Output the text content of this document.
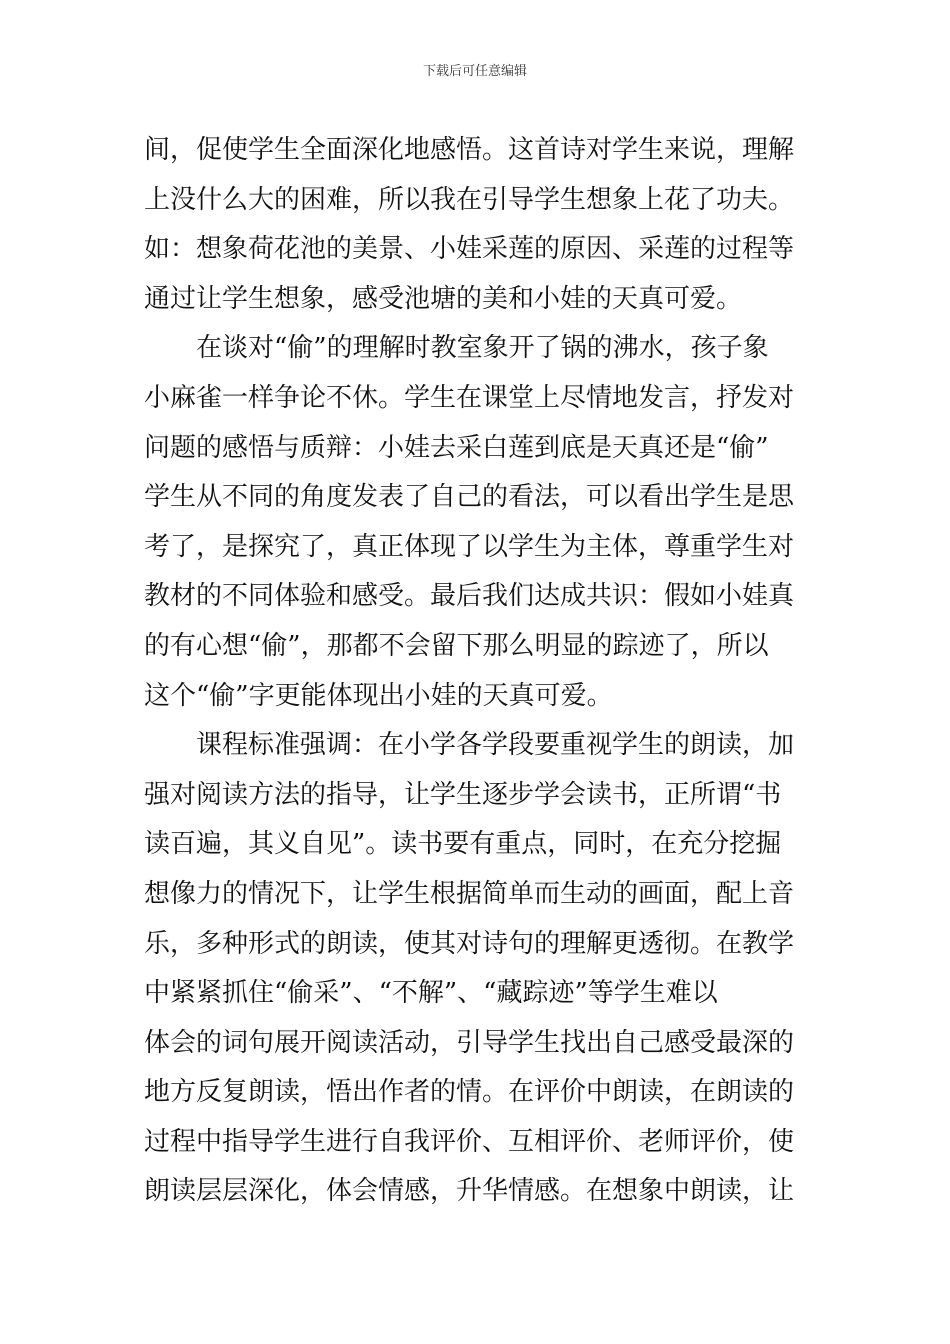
下载后可任意编辑
间，促使学生全面深化地感悟。这首诗对学生来说，理解
上没什么大的困难，所以我在引导学生想象上花了功夫。
如：想象荷花池的美景、小娃采莲的原因、采莲的过程等
通过让学生想象，感受池塘的美和小娃的天真可爱。
在谈对“偷”的理解时教室象开了锅的沸水，孩子象
小麻雀一样争论不休。学生在课堂上尽情地发言，抒发对
问题的感悟与质辩：小娃去采白莲到底是天真还是“偷”
学生从不同的角度发表了自己的看法，可以看出学生是思
考了，是探究了，真正体现了以学生为主体，尊重学生对
教材的不同体验和感受。最后我们达成共识：假如小娃真
的有心想“偷”，那都不会留下那么明显的踪迹了，所以
这个“偷”字更能体现出小娃的天真可爱。
课程标准强调：在小学各学段要重视学生的朗读，加
强对阅读方法的指导，让学生逐步学会读书，正所谓“书
读百遍，其义自见”。读书要有重点，同时，在充分挖掘
想像力的情况下，让学生根据简单而生动的画面，配上音
乐，多种形式的朗读，使其对诗句的理解更透彻。在教学
中紧紧抓住“偷采”、“不解”、“藏踪迹”等学生难以
体会的词句展开阅读活动，引导学生找出自己感受最深的
地方反复朗读，悟出作者的情。在评价中朗读，在朗读的
过程中指导学生进行自我评价、互相评价、老师评价，使
朗读层层深化，体会情感，升华情感。在想象中朗读，让
